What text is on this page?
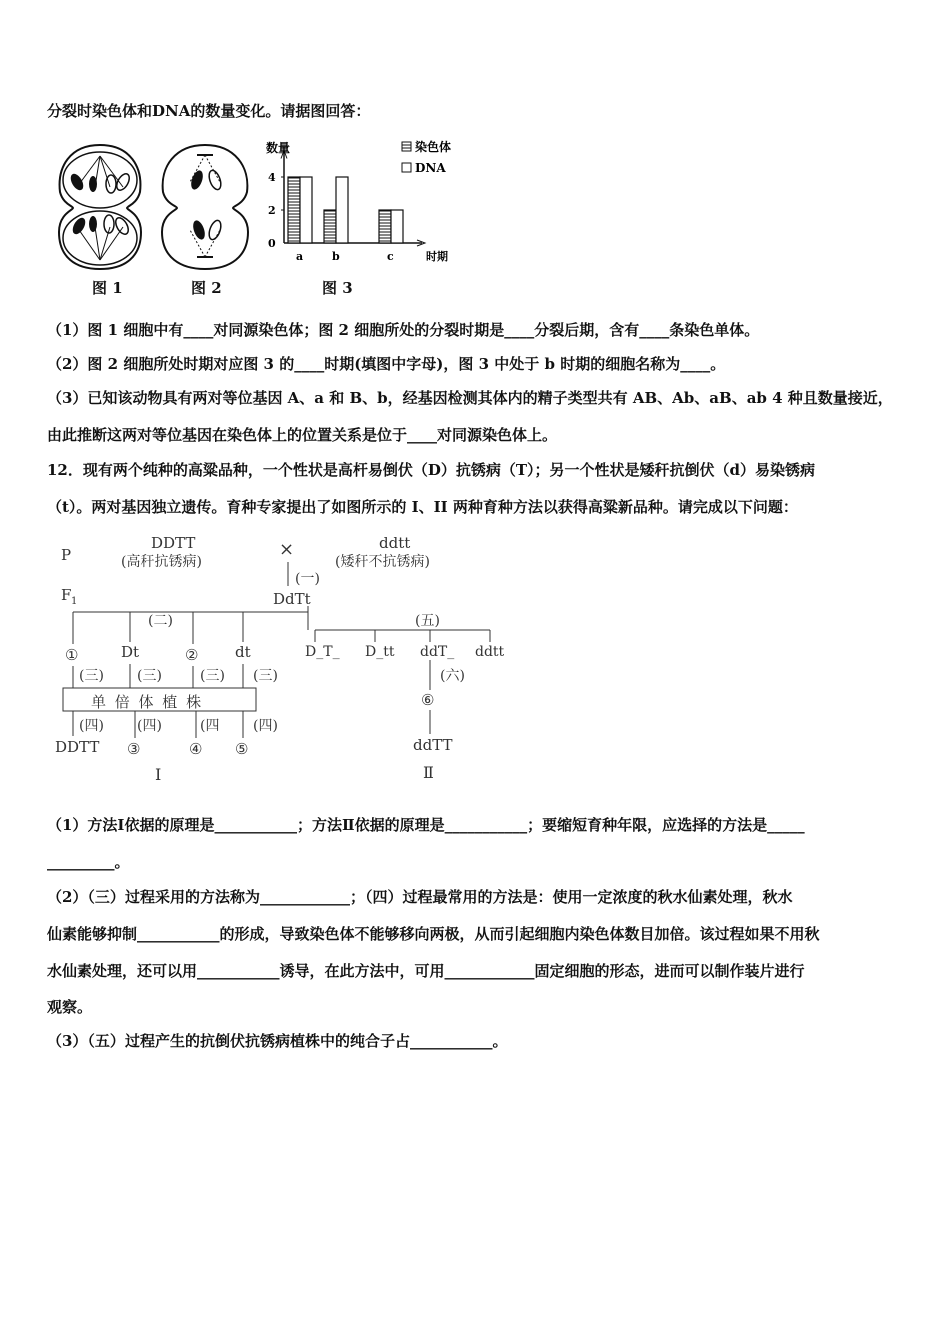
分裂时染色体和DNA的数量变化。请据图回答：
图 1	图 2
数量
时期
0
2
4
a	b	c
染色体
DNA
图 3
（1）图 1 细胞中有____对同源染色体；图 2 细胞所处的分裂时期是____分裂后期，含有____条染色单体。
（2）图 2 细胞所处时期对应图 3 的____时期(填图中字母)，图 3 中处于 b 时期的细胞名称为____。
（3）已知该动物具有两对等位基因 A、a 和 B、b，经基因检测其体内的精子类型共有 AB、Ab、aB、ab 4 种且数量接近，
由此推断这两对等位基因在染色体上的位置关系是位于____对同源染色体上。
12．现有两个纯种的高粱品种，一个性状是高杆易倒伏（D）抗锈病（T）；另一个性状是矮秆抗倒伏（d）易染锈病
（t）。两对基因独立遗传。育种专家提出了如图所示的 I、II 两种育种方法以获得高粱新品种。请完成以下问题：
P
F 1
DDTT
(高秆抗锈病)
×	ddtt
(矮秆不抗锈病)
(一)
DdTt
(二)	(五)
①	Dt	② dt
(三) (三)	(三) (三)
单 倍 体 植 株
(四) (四)	(四 (四)
DDTT ③	④ ⑤
I
D_T_ D_tt ddT_ ddtt
(六)
⑥
ddTT
Ⅱ
（1）方法Ⅰ依据的原理是___________；方法Ⅱ依据的原理是___________；要缩短育种年限，应选择的方法是_____
_________。
（2）（三）过程采用的方法称为____________；（四）过程最常用的方法是：使用一定浓度的秋水仙素处理，秋水
仙素能够抑制___________的形成，导致染色体不能够移向两极，从而引起细胞内染色体数目加倍。该过程如果不用秋
水仙素处理，还可以用___________诱导，在此方法中，可用____________固定细胞的形态，进而可以制作装片进行
观察。
（3）（五）过程产生的抗倒伏抗锈病植株中的纯合子占___________。
